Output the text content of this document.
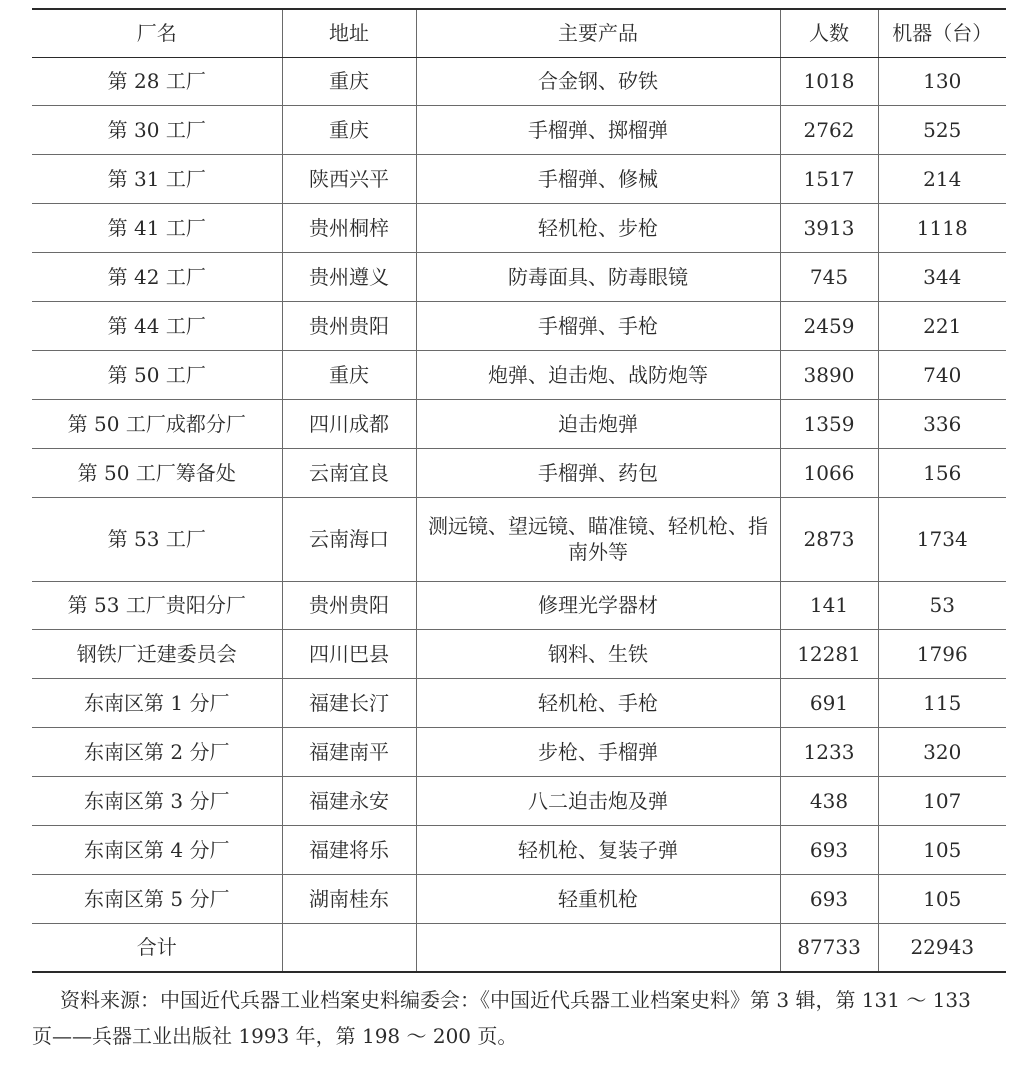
厂名	地址	主要产品	人数	机器（台）
第 28 工厂	重庆	合金钢、矽铁	1018	130
第 30 工厂	重庆	手榴弹、掷榴弹	2762	525
第 31 工厂	陕西兴平	手榴弹、修械	1517	214
第 41 工厂	贵州桐梓	轻机枪、步枪	3913	1118
第 42 工厂	贵州遵义	防毒面具、防毒眼镜	745	344
第 44 工厂	贵州贵阳	手榴弹、手枪	2459	221
第 50 工厂	重庆	炮弹、迫击炮、战防炮等	3890	740
第 50 工厂成都分厂	四川成都	迫击炮弹	1359	336
第 50 工厂筹备处	云南宜良	手榴弹、药包	1066	156
第 53 工厂	云南海口	测远镜、望远镜、瞄准镜、轻机枪、指南外等	2873	1734
第 53 工厂贵阳分厂	贵州贵阳	修理光学器材	141	53
钢铁厂迁建委员会	四川巴县	钢料、生铁	12281	1796
东南区第 1 分厂	福建长汀	轻机枪、手枪	691	115
东南区第 2 分厂	福建南平	步枪、手榴弹	1233	320
东南区第 3 分厂	福建永安	八二迫击炮及弹	438	107
东南区第 4 分厂	福建将乐	轻机枪、复装子弹	693	105
东南区第 5 分厂	湖南桂东	轻重机枪	693	105
合计			87733	22943

资料来源：中国近代兵器工业档案史料编委会：《中国近代兵器工业档案史料》第 3 辑，第 131 ～ 133 页——兵器工业出版社 1993 年，第 198 ～ 200 页。
